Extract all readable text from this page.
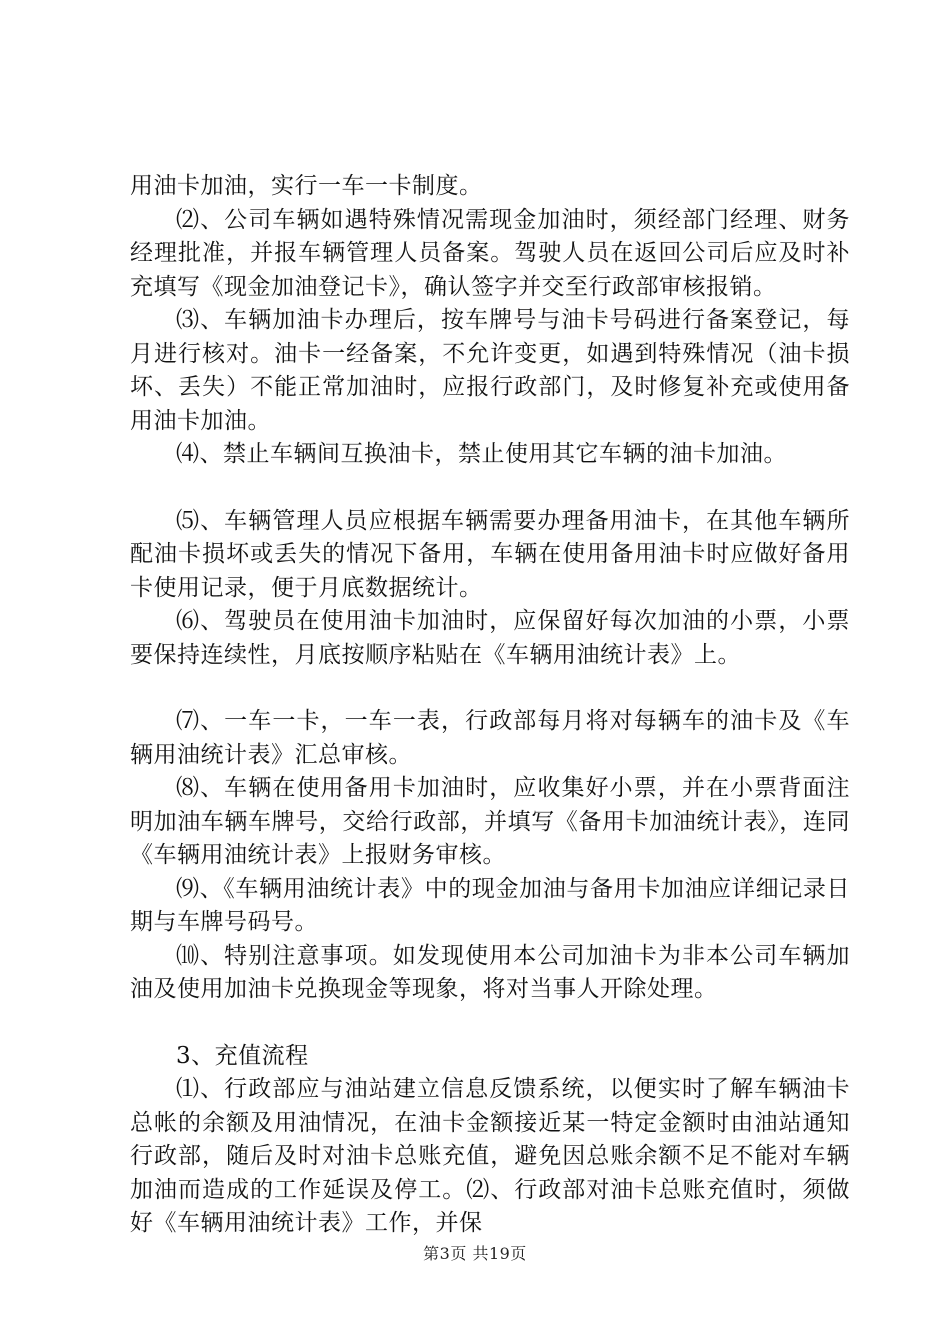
用油卡加油，实行一车一卡制度。

⑵、公司车辆如遇特殊情况需现金加油时，须经部门经理、财务经理批准，并报车辆管理人员备案。驾驶人员在返回公司后应及时补充填写《现金加油登记卡》，确认签字并交至行政部审核报销。

⑶、车辆加油卡办理后，按车牌号与油卡号码进行备案登记，每月进行核对。油卡一经备案，不允许变更，如遇到特殊情况（油卡损坏、丢失）不能正常加油时，应报行政部门，及时修复补充或使用备用油卡加油。

⑷、禁止车辆间互换油卡，禁止使用其它车辆的油卡加油。

⑸、车辆管理人员应根据车辆需要办理备用油卡，在其他车辆所配油卡损坏或丢失的情况下备用，车辆在使用备用油卡时应做好备用卡使用记录，便于月底数据统计。

⑹、驾驶员在使用油卡加油时，应保留好每次加油的小票，小票要保持连续性，月底按顺序粘贴在《车辆用油统计表》上。

⑺、一车一卡，一车一表，行政部每月将对每辆车的油卡及《车辆用油统计表》汇总审核。

⑻、车辆在使用备用卡加油时，应收集好小票，并在小票背面注明加油车辆车牌号，交给行政部，并填写《备用卡加油统计表》，连同《车辆用油统计表》上报财务审核。

⑼、《车辆用油统计表》中的现金加油与备用卡加油应详细记录日期与车牌号码号。

⑽、特别注意事项。如发现使用本公司加油卡为非本公司车辆加油及使用加油卡兑换现金等现象，将对当事人开除处理。

3、充值流程

⑴、行政部应与油站建立信息反馈系统，以便实时了解车辆油卡总帐的余额及用油情况，在油卡金额接近某一特定金额时由油站通知行政部，随后及时对油卡总账充值，避免因总账余额不足不能对车辆加油而造成的工作延误及停工。⑵、行政部对油卡总账充值时，须做好《车辆用油统计表》工作，并保

第3页 共19页
